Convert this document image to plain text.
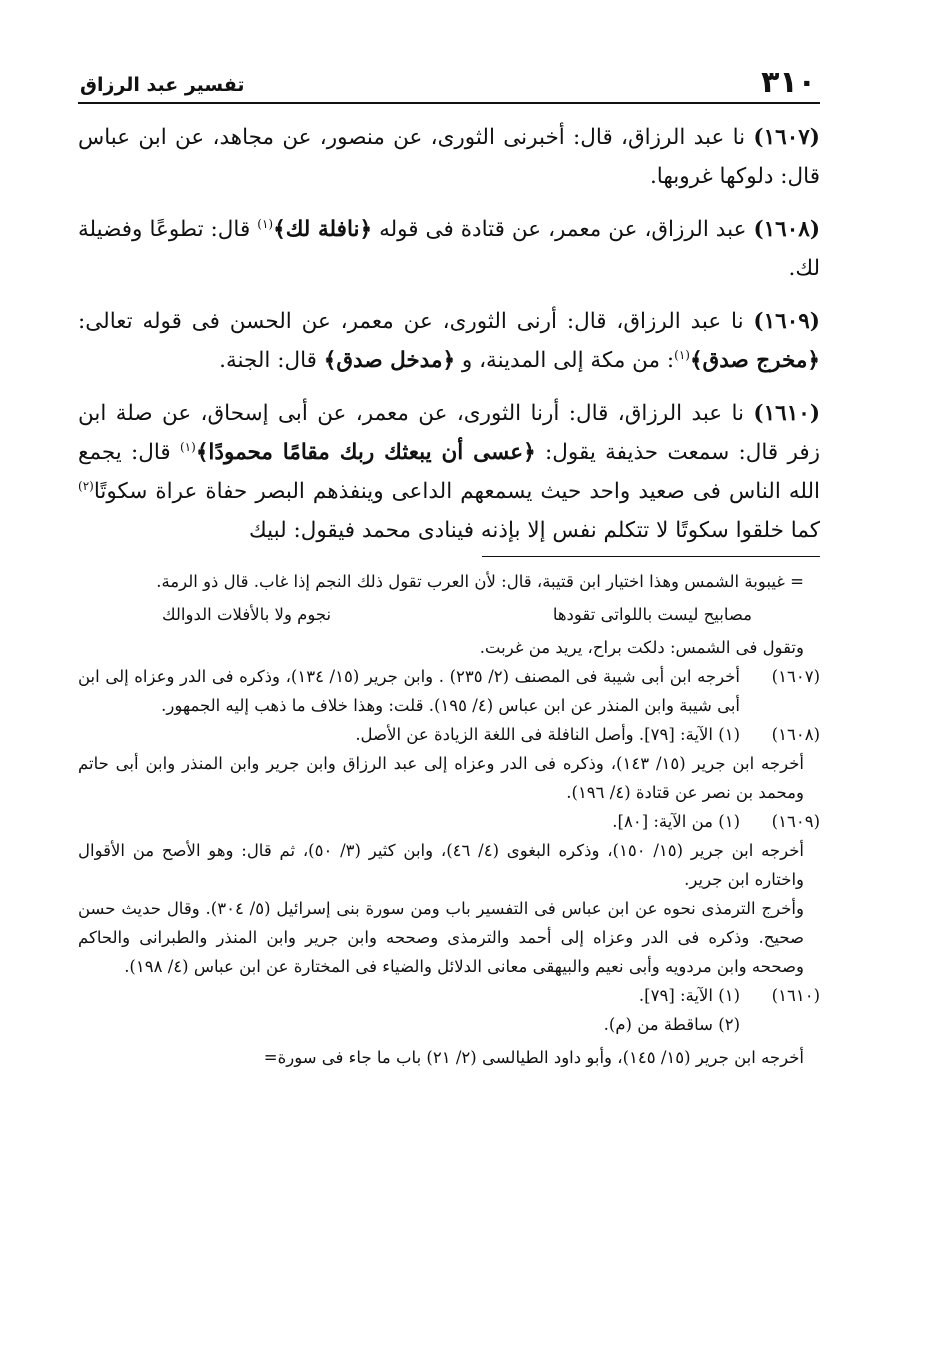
٣١٠
تفسير عبد الرزاق

(١٦٠٧) نا عبد الرزاق، قال: أخبرنى الثورى، عن منصور، عن مجاهد، عن ابن عباس قال: دلوكها غروبها.

(١٦٠٨) عبد الرزاق، عن معمر، عن قتادة فى قوله ﴿نافلة لك﴾$^{(١)}$ قال: تطوعًا وفضيلة لك.

(١٦٠٩) نا عبد الرزاق، قال: أرنى الثورى، عن معمر، عن الحسن فى قوله تعالى: ﴿مخرج صدق﴾$^{(١)}$: من مكة إلى المدينة، و ﴿مدخل صدق﴾ قال: الجنة.

(١٦١٠) نا عبد الرزاق، قال: أرنا الثورى، عن معمر، عن أبى إسحاق، عن صلة ابن زفر قال: سمعت حذيفة يقول: ﴿عسى أن يبعثك ربك مقامًا محمودًا﴾$^{(١)}$ قال: يجمع الله الناس فى صعيد واحد حيث يسمعهم الداعى وينفذهم البصر حفاة عراة سكوتًا$^{(٢)}$ كما خلقوا سكوتًا لا تتكلم نفس إلا بإذنه فينادى محمد فيقول: لبيك

= غيبوبة الشمس وهذا اختيار ابن قتيبة، قال: لأن العرب تقول ذلك النجم إذا غاب. قال ذو الرمة.

مصابيح ليست باللواتى تقودها
نجوم ولا بالأفلات الدوالك

وتقول فى الشمس: دلكت براح، يريد من غربت.

(١٦٠٧)أخرجه ابن أبى شيبة فى المصنف (٢/ ٢٣٥) . وابن جرير (١٥/ ١٣٤)، وذكره فى الدر وعزاه إلى ابن أبى شيبة وابن المنذر عن ابن عباس (٤/ ١٩٥). قلت: وهذا خلاف ما ذهب إليه الجمهور.

(١٦٠٨)(١) الآية: [٧٩]. وأصل النافلة فى اللغة الزيادة عن الأصل.

أخرجه ابن جرير (١٥/ ١٤٣)، وذكره فى الدر وعزاه إلى عبد الرزاق وابن جرير وابن المنذر وابن أبى حاتم ومحمد بن نصر عن قتادة (٤/ ١٩٦).

(١٦٠٩)(١) من الآية: [٨٠].

أخرجه ابن جرير (١٥/ ١٥٠)، وذكره البغوى (٤/ ٤٦)، وابن كثير (٣/ ٥٠)، ثم قال: وهو الأصح من الأقوال واختاره ابن جرير.

وأخرج الترمذى نحوه عن ابن عباس فى التفسير باب ومن سورة بنى إسرائيل (٥/ ٣٠٤). وقال حديث حسن صحيح. وذكره فى الدر وعزاه إلى أحمد والترمذى وصححه وابن جرير وابن المنذر والطبرانى والحاكم وصححه وابن مردويه وأبى نعيم والبيهقى معانى الدلائل والضياء فى المختارة عن ابن عباس (٤/ ١٩٨).

(١٦١٠)(١) الآية: [٧٩].

(٢) ساقطة من (م).

أخرجه ابن جرير (١٥/ ١٤٥)، وأبو داود الطيالسى (٢/ ٢١) باب ما جاء فى سورة=
